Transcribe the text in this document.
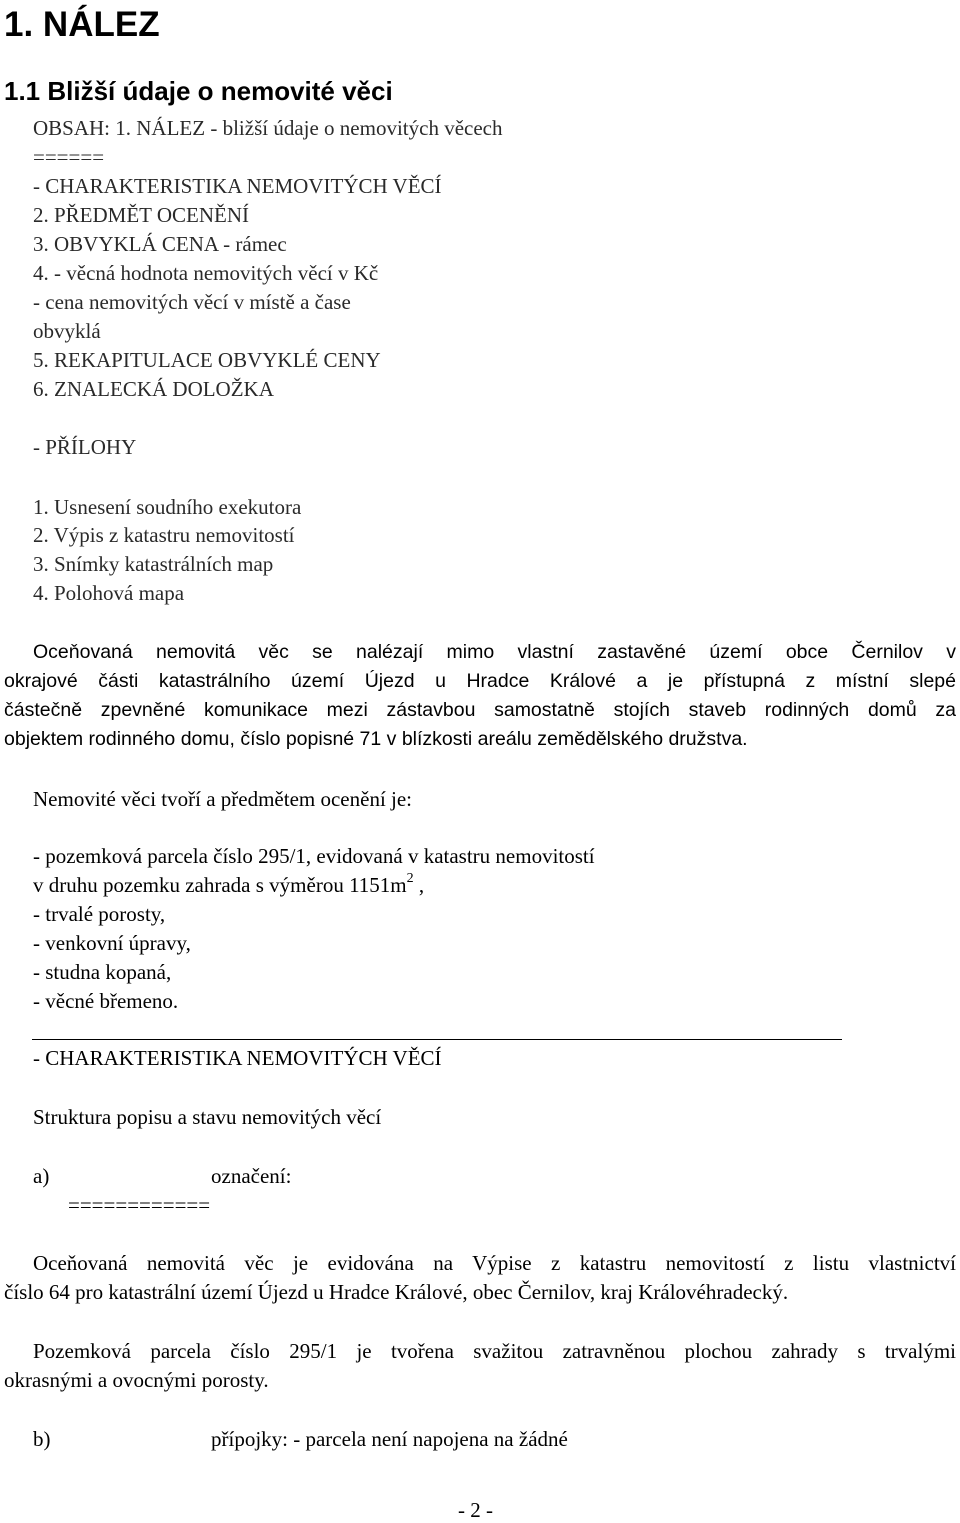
1. NÁLEZ
1.1 Bližší údaje o nemovité věci

OBSAH: 1. NÁLEZ - bližší údaje o nemovitých věcech

======

- CHARAKTERISTIKA NEMOVITÝCH VĚCÍ

2. PŘEDMĚT OCENĚNÍ

3. OBVYKLÁ CENA - rámec

4. - věcná hodnota nemovitých věcí v Kč

- cena nemovitých věcí v místě a čase

obvyklá

5. REKAPITULACE OBVYKLÉ CENY

6. ZNALECKÁ DOLOŽKA

- PŘÍLOHY

1. Usnesení soudního exekutora

2. Výpis z katastru nemovitostí

3. Snímky katastrálních map

4. Polohová mapa

Oceňovaná nemovitá věc se nalézají mimo vlastní zastavěné území obce Černilov v
okrajové části katastrálního území Újezd u Hradce Králové a je přístupná z místní slepé
částečně zpevněné komunikace mezi zástavbou samostatně stojích staveb rodinných domů za
objektem rodinného domu, číslo popisné 71 v blízkosti areálu zemědělského družstva.

Nemovité věci tvoří a předmětem ocenění je:

- pozemková parcela číslo 295/1, evidovaná v katastru nemovitostí

v druhu pozemku zahrada s výměrou $1151m^2$ ,

- trvalé porosty,

- venkovní úpravy,

- studna kopaná,

- věcné břemeno.

- CHARAKTERISTIKA NEMOVITÝCH VĚCÍ

Struktura popisu a stavu nemovitých věcí

a)	označení:

============

Oceňovaná nemovitá věc je evidována na Výpise z katastru nemovitostí z listu vlastnictví
číslo 64 pro katastrální území Újezd u Hradce Králové, obec Černilov, kraj Královéhradecký.
Pozemková parcela číslo 295/1 je tvořena svažitou zatravněnou plochou zahrady s trvalými
okrasnými a ovocnými porosty.

b)	přípojky: - parcela není napojena na žádné

- 2 -
